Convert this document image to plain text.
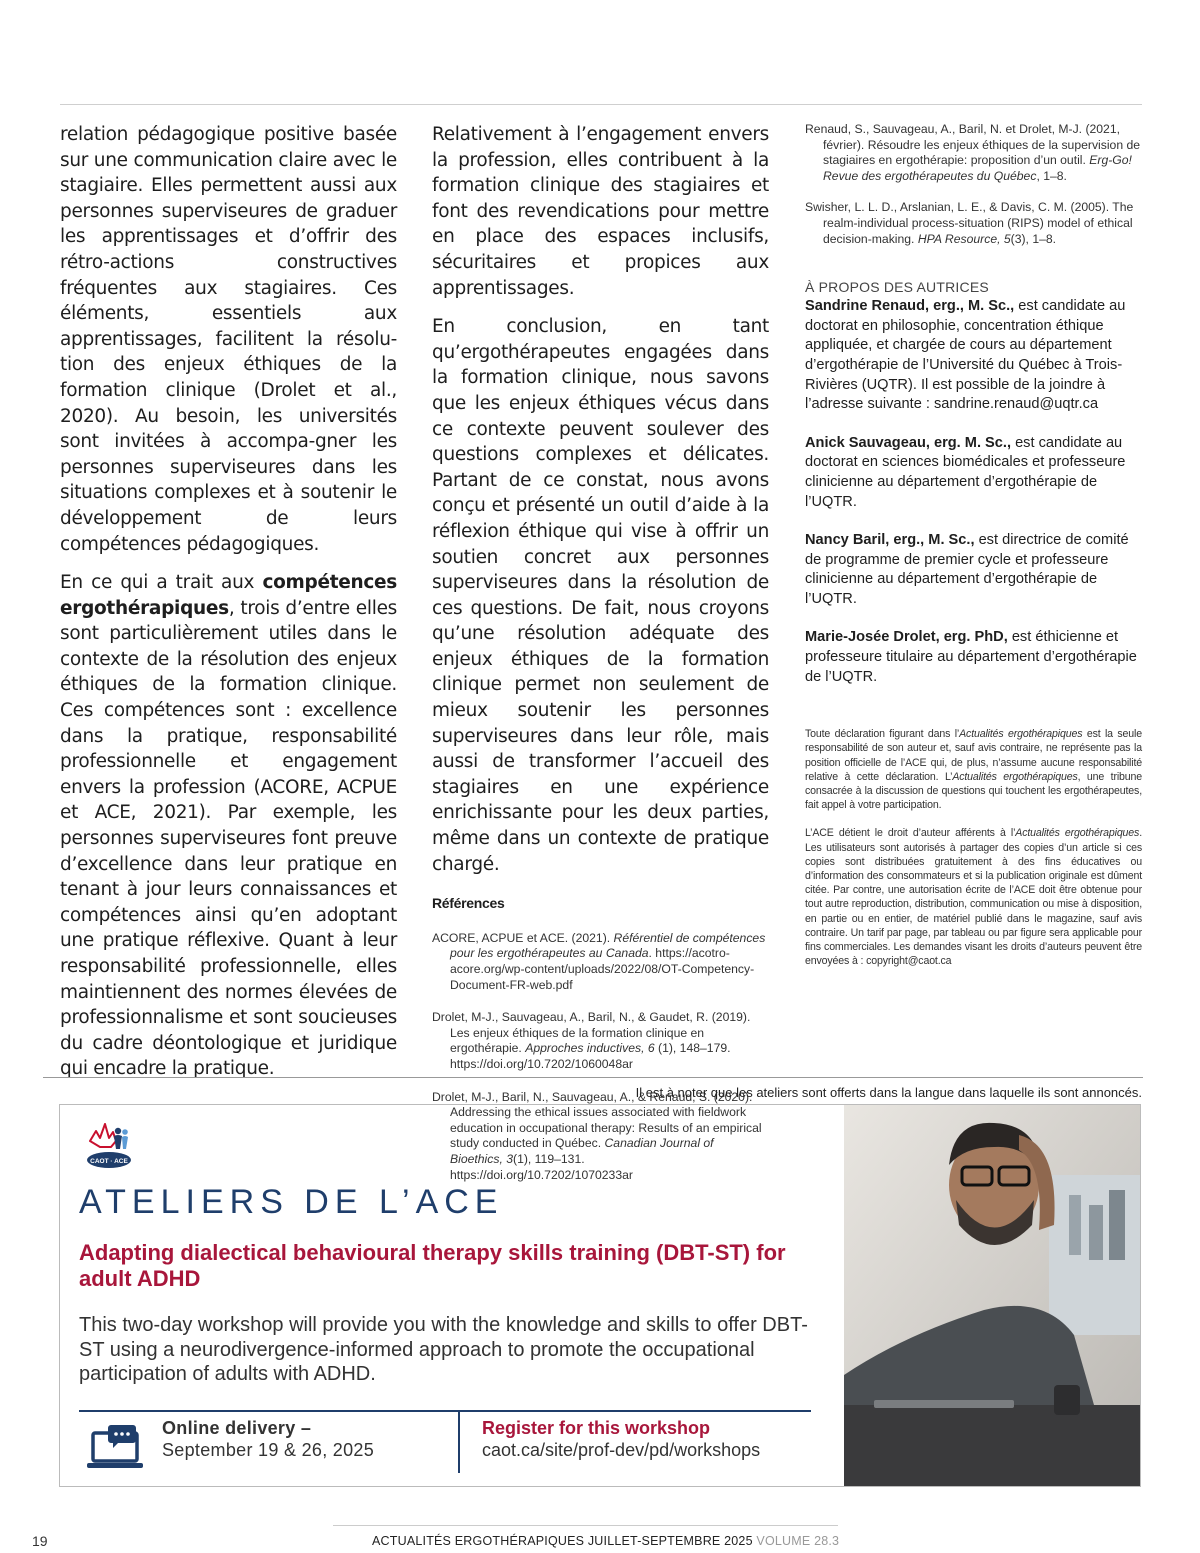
relation pédagogique positive basée sur une communication claire avec le stagiaire. Elles permettent aussi aux personnes superviseures de graduer les apprentissages et d’offrir des rétro-actions constructives fréquentes aux stagiaires. Ces éléments, essentiels aux apprentissages, facilitent la résolu-tion des enjeux éthiques de la formation clinique (Drolet et al., 2020). Au besoin, les universités sont invitées à accompa-gner les personnes superviseures dans les situations complexes et à soutenir le développement de leurs compétences pédagogiques.

En ce qui a trait aux compétences ergothérapiques, trois d’entre elles sont particulièrement utiles dans le contexte de la résolution des enjeux éthiques de la formation clinique. Ces compétences sont : excellence dans la pratique, responsabilité professionnelle et engagement envers la profession (ACORE, ACPUE et ACE, 2021). Par exemple, les personnes superviseures font preuve d’excellence dans leur pratique en tenant à jour leurs connaissances et compétences ainsi qu’en adoptant une pratique réflexive. Quant à leur responsabilité professionnelle, elles maintiennent des normes élevées de professionnalisme et sont soucieuses du cadre déontologique et juridique qui encadre la pratique.

Relativement à l’engagement envers la profession, elles contribuent à la formation clinique des stagiaires et font des revendications pour mettre en place des espaces inclusifs, sécuritaires et propices aux apprentissages.

En conclusion, en tant qu’ergothérapeutes engagées dans la formation clinique, nous savons que les enjeux éthiques vécus dans ce contexte peuvent soulever des questions complexes et délicates. Partant de ce constat, nous avons conçu et présenté un outil d’aide à la réflexion éthique qui vise à offrir un soutien concret aux personnes superviseures dans la résolution de ces questions. De fait, nous croyons qu’une résolution adéquate des enjeux éthiques de la formation clinique permet non seulement de mieux soutenir les personnes superviseures dans leur rôle, mais aussi de transformer l’accueil des stagiaires en une expérience enrichissante pour les deux parties, même dans un contexte de pratique chargé.

Références
ACORE, ACPUE et ACE. (2021). Référentiel de compétences pour les ergothérapeutes au Canada. https://acotro-acore.org/wp-content/uploads/2022/08/OT-Competency-Document-FR-web.pdf
Drolet, M-J., Sauvageau, A., Baril, N., & Gaudet, R. (2019). Les enjeux éthiques de la formation clinique en ergothérapie. Approches inductives, 6 (1), 148–179. https://doi.org/10.7202/1060048ar
Drolet, M-J., Baril, N., Sauvageau, A., & Renaud, S. (2020). Addressing the ethical issues associated with fieldwork education in occupational therapy: Results of an empirical study conducted in Québec. Canadian Journal of Bioethics, 3(1), 119–131. https://doi.org/10.7202/1070233ar
Renaud, S., Sauvageau, A., Baril, N. et Drolet, M-J. (2021, février). Résoudre les enjeux éthiques de la supervision de stagiaires en ergothérapie: proposition d’un outil. Erg-Go! Revue des ergothérapeutes du Québec, 1–8.
Swisher, L. L. D., Arslanian, L. E., & Davis, C. M. (2005). The realm-individual process-situation (RIPS) model of ethical decision-making. HPA Resource, 5(3), 1–8.
À PROPOS DES AUTRICES
Sandrine Renaud, erg., M. Sc., est candidate au doctorat en philosophie, concentration éthique appliquée, et chargée de cours au département d’ergothérapie de l’Université du Québec à Trois-Rivières (UQTR). Il est possible de la joindre à l’adresse suivante : sandrine.renaud@uqtr.ca
Anick Sauvageau, erg. M. Sc., est candidate au doctorat en sciences biomédicales et professeure clinicienne au département d’ergothérapie de l’UQTR.
Nancy Baril, erg., M. Sc., est directrice de comité de programme de premier cycle et professeure clinicienne au département d’ergothérapie de l’UQTR.
Marie-Josée Drolet, erg. PhD, est éthicienne et professeure titulaire au département d’ergothérapie de l’UQTR.
Toute déclaration figurant dans l’Actualités ergothérapiques est la seule responsabilité de son auteur et, sauf avis contraire, ne représente pas la position officielle de l’ACE qui, de plus, n’assume aucune responsabilité relative à cette déclaration. L’Actualités ergothérapiques, une tribune consacrée à la discussion de questions qui touchent les ergothérapeutes, fait appel à votre participation.
L’ACE détient le droit d’auteur afférents à l’Actualités ergothérapiques. Les utilisateurs sont autorisés à partager des copies d’un article si ces copies sont distribuées gratuitement à des fins éducatives ou d’information des consommateurs et si la publication originale est dûment citée. Par contre, une autorisation écrite de l’ACE doit être obtenue pour tout autre reproduction, distribution, communication ou mise à disposition, en partie ou en entier, de matériel publié dans le magazine, sauf avis contraire. Un tarif par page, par tableau ou par figure sera applicable pour fins commerciales. Les demandes visant les droits d’auteurs peuvent être envoyées à : copyright@caot.ca
Il est à noter que les ateliers sont offerts dans la langue dans laquelle ils sont annoncés.
CAOT · ACE
ATELIERS DE L’ACE
Adapting dialectical behavioural therapy skills training (DBT-ST) for adult ADHD
This two-day workshop will provide you with the knowledge and skills to offer DBT-ST using a neurodivergence-informed approach to promote the occupational participation of adults with ADHD.
Online delivery –
September 19 & 26, 2025
Register for this workshop
caot.ca/site/prof-dev/pd/workshops
19	ACTUALITÉS ERGOTHÉRAPIQUES JUILLET-SEPTEMBRE 2025 VOLUME 28.3
